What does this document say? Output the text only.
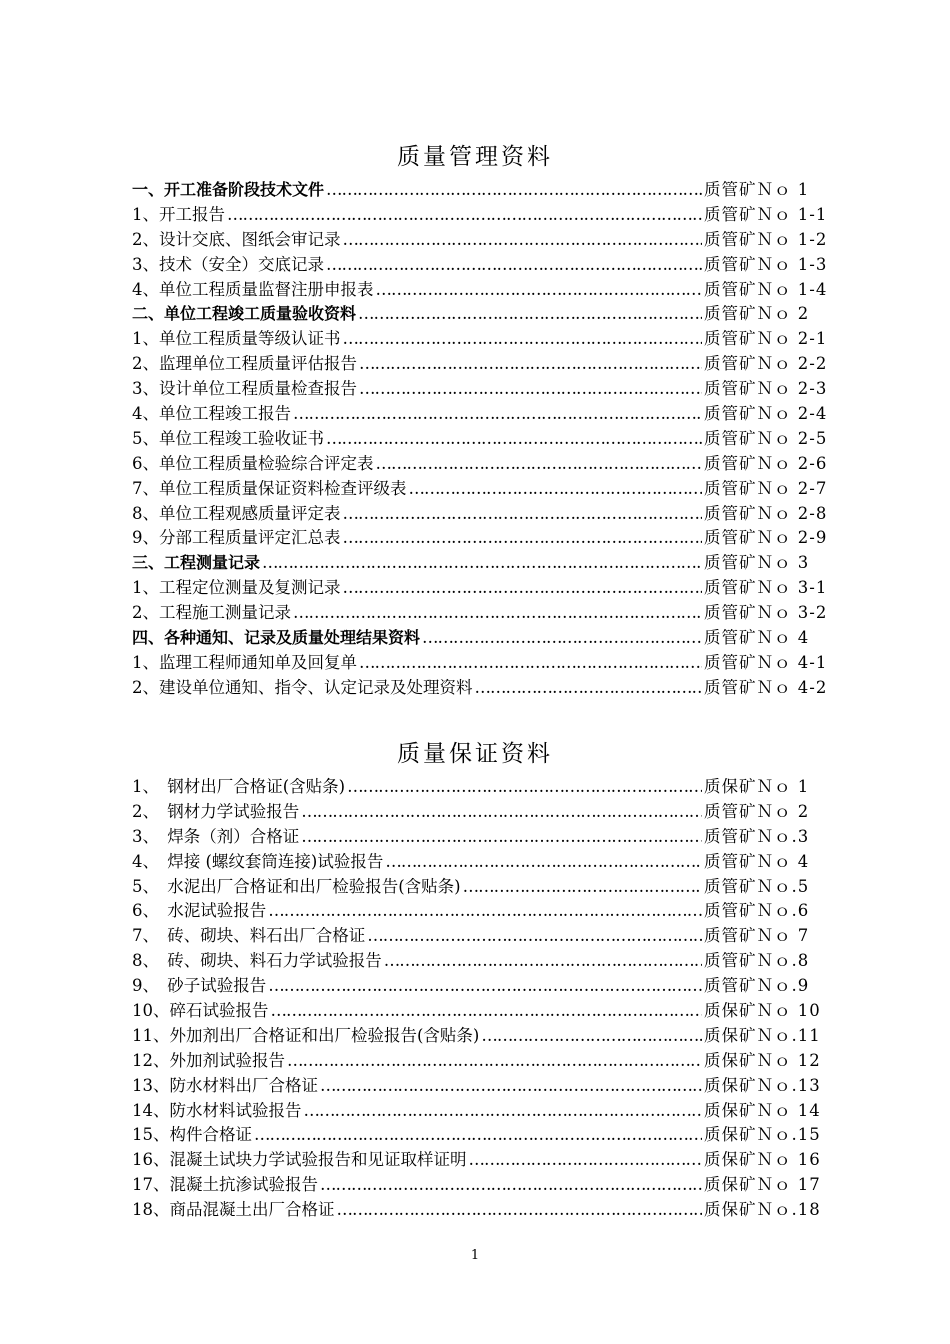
质量管理资料
一、开工准备阶段技术文件 ……………………………………………………………………………………………………………………………………………………	质管矿Ｎｏ 1
1、开工报告 ……………………………………………………………………………………………………………………………………………………	质管矿Ｎｏ 1-1
2、设计交底、图纸会审记录 ……………………………………………………………………………………………………………………………………………………	质管矿Ｎｏ 1-2
3、技术（安全）交底记录 ……………………………………………………………………………………………………………………………………………………	质管矿Ｎｏ 1-3
4、单位工程质量监督注册申报表 ……………………………………………………………………………………………………………………………………………………	质管矿Ｎｏ 1-4
二、单位工程竣工质量验收资料 ……………………………………………………………………………………………………………………………………………………	质管矿Ｎｏ 2
1、单位工程质量等级认证书 ……………………………………………………………………………………………………………………………………………………	质管矿Ｎｏ 2-1
2、监理单位工程质量评估报告 ……………………………………………………………………………………………………………………………………………………	质管矿Ｎｏ 2-2
3、设计单位工程质量检查报告 ……………………………………………………………………………………………………………………………………………………	质管矿Ｎｏ 2-3
4、单位工程竣工报告 ……………………………………………………………………………………………………………………………………………………	质管矿Ｎｏ 2-4
5、单位工程竣工验收证书 ……………………………………………………………………………………………………………………………………………………	质管矿Ｎｏ 2-5
6、单位工程质量检验综合评定表 ……………………………………………………………………………………………………………………………………………………	质管矿Ｎｏ 2-6
7、单位工程质量保证资料检查评级表 ……………………………………………………………………………………………………………………………………………………	质管矿Ｎｏ 2-7
8、单位工程观感质量评定表 ……………………………………………………………………………………………………………………………………………………	质管矿Ｎｏ 2-8
9、分部工程质量评定汇总表 ……………………………………………………………………………………………………………………………………………………	质管矿Ｎｏ 2-9
三、工程测量记录 ……………………………………………………………………………………………………………………………………………………	质管矿Ｎｏ 3
1、工程定位测量及复测记录 ……………………………………………………………………………………………………………………………………………………	质管矿Ｎｏ 3-1
2、工程施工测量记录 ……………………………………………………………………………………………………………………………………………………	质管矿Ｎｏ 3-2
四、各种通知、记录及质量处理结果资料 ……………………………………………………………………………………………………………………………………………………	质管矿Ｎｏ 4
1、监理工程师通知单及回复单 ……………………………………………………………………………………………………………………………………………………	质管矿Ｎｏ 4-1
2、建设单位通知、指令、认定记录及处理资料 ……………………………………………………………………………………………………………………………………………………	质管矿Ｎｏ 4-2
质量保证资料
1、　钢材出厂合格证(含贴条) ……………………………………………………………………………………………………………………………………………………	质保矿Ｎｏ 1
2、　钢材力学试验报告 ……………………………………………………………………………………………………………………………………………………	质管矿Ｎｏ 2
3、　焊条（剂）合格证 ……………………………………………………………………………………………………………………………………………………	质管矿Ｎｏ.3
4、　焊接 (螺纹套筒连接)试验报告 ……………………………………………………………………………………………………………………………………………………	质管矿Ｎｏ 4
5、　水泥出厂合格证和出厂检验报告(含贴条) ……………………………………………………………………………………………………………………………………………………	质管矿Ｎｏ.5
6、　水泥试验报告 ……………………………………………………………………………………………………………………………………………………	质管矿Ｎｏ.6
7、　砖、砌块、料石出厂合格证 ……………………………………………………………………………………………………………………………………………………	质管矿Ｎｏ 7
8、　砖、砌块、料石力学试验报告 ……………………………………………………………………………………………………………………………………………………	质管矿Ｎｏ.8
9、　砂子试验报告 ……………………………………………………………………………………………………………………………………………………	质管矿Ｎｏ.9
10、碎石试验报告 ……………………………………………………………………………………………………………………………………………………	质保矿Ｎｏ 10
11、外加剂出厂合格证和出厂检验报告(含贴条) ……………………………………………………………………………………………………………………………………………………	质保矿Ｎｏ.11
12、外加剂试验报告 ……………………………………………………………………………………………………………………………………………………	质保矿Ｎｏ 12
13、防水材料出厂合格证 ……………………………………………………………………………………………………………………………………………………	质保矿Ｎｏ.13
14、防水材料试验报告 ……………………………………………………………………………………………………………………………………………………	质保矿Ｎｏ 14
15、构件合格证 ……………………………………………………………………………………………………………………………………………………	质保矿Ｎｏ.15
16、混凝土试块力学试验报告和见证取样证明 ……………………………………………………………………………………………………………………………………………………	质保矿Ｎｏ 16
17、混凝土抗渗试验报告 ……………………………………………………………………………………………………………………………………………………	质保矿Ｎｏ 17
18、商品混凝土出厂合格证 ……………………………………………………………………………………………………………………………………………………	质保矿Ｎｏ.18
1
